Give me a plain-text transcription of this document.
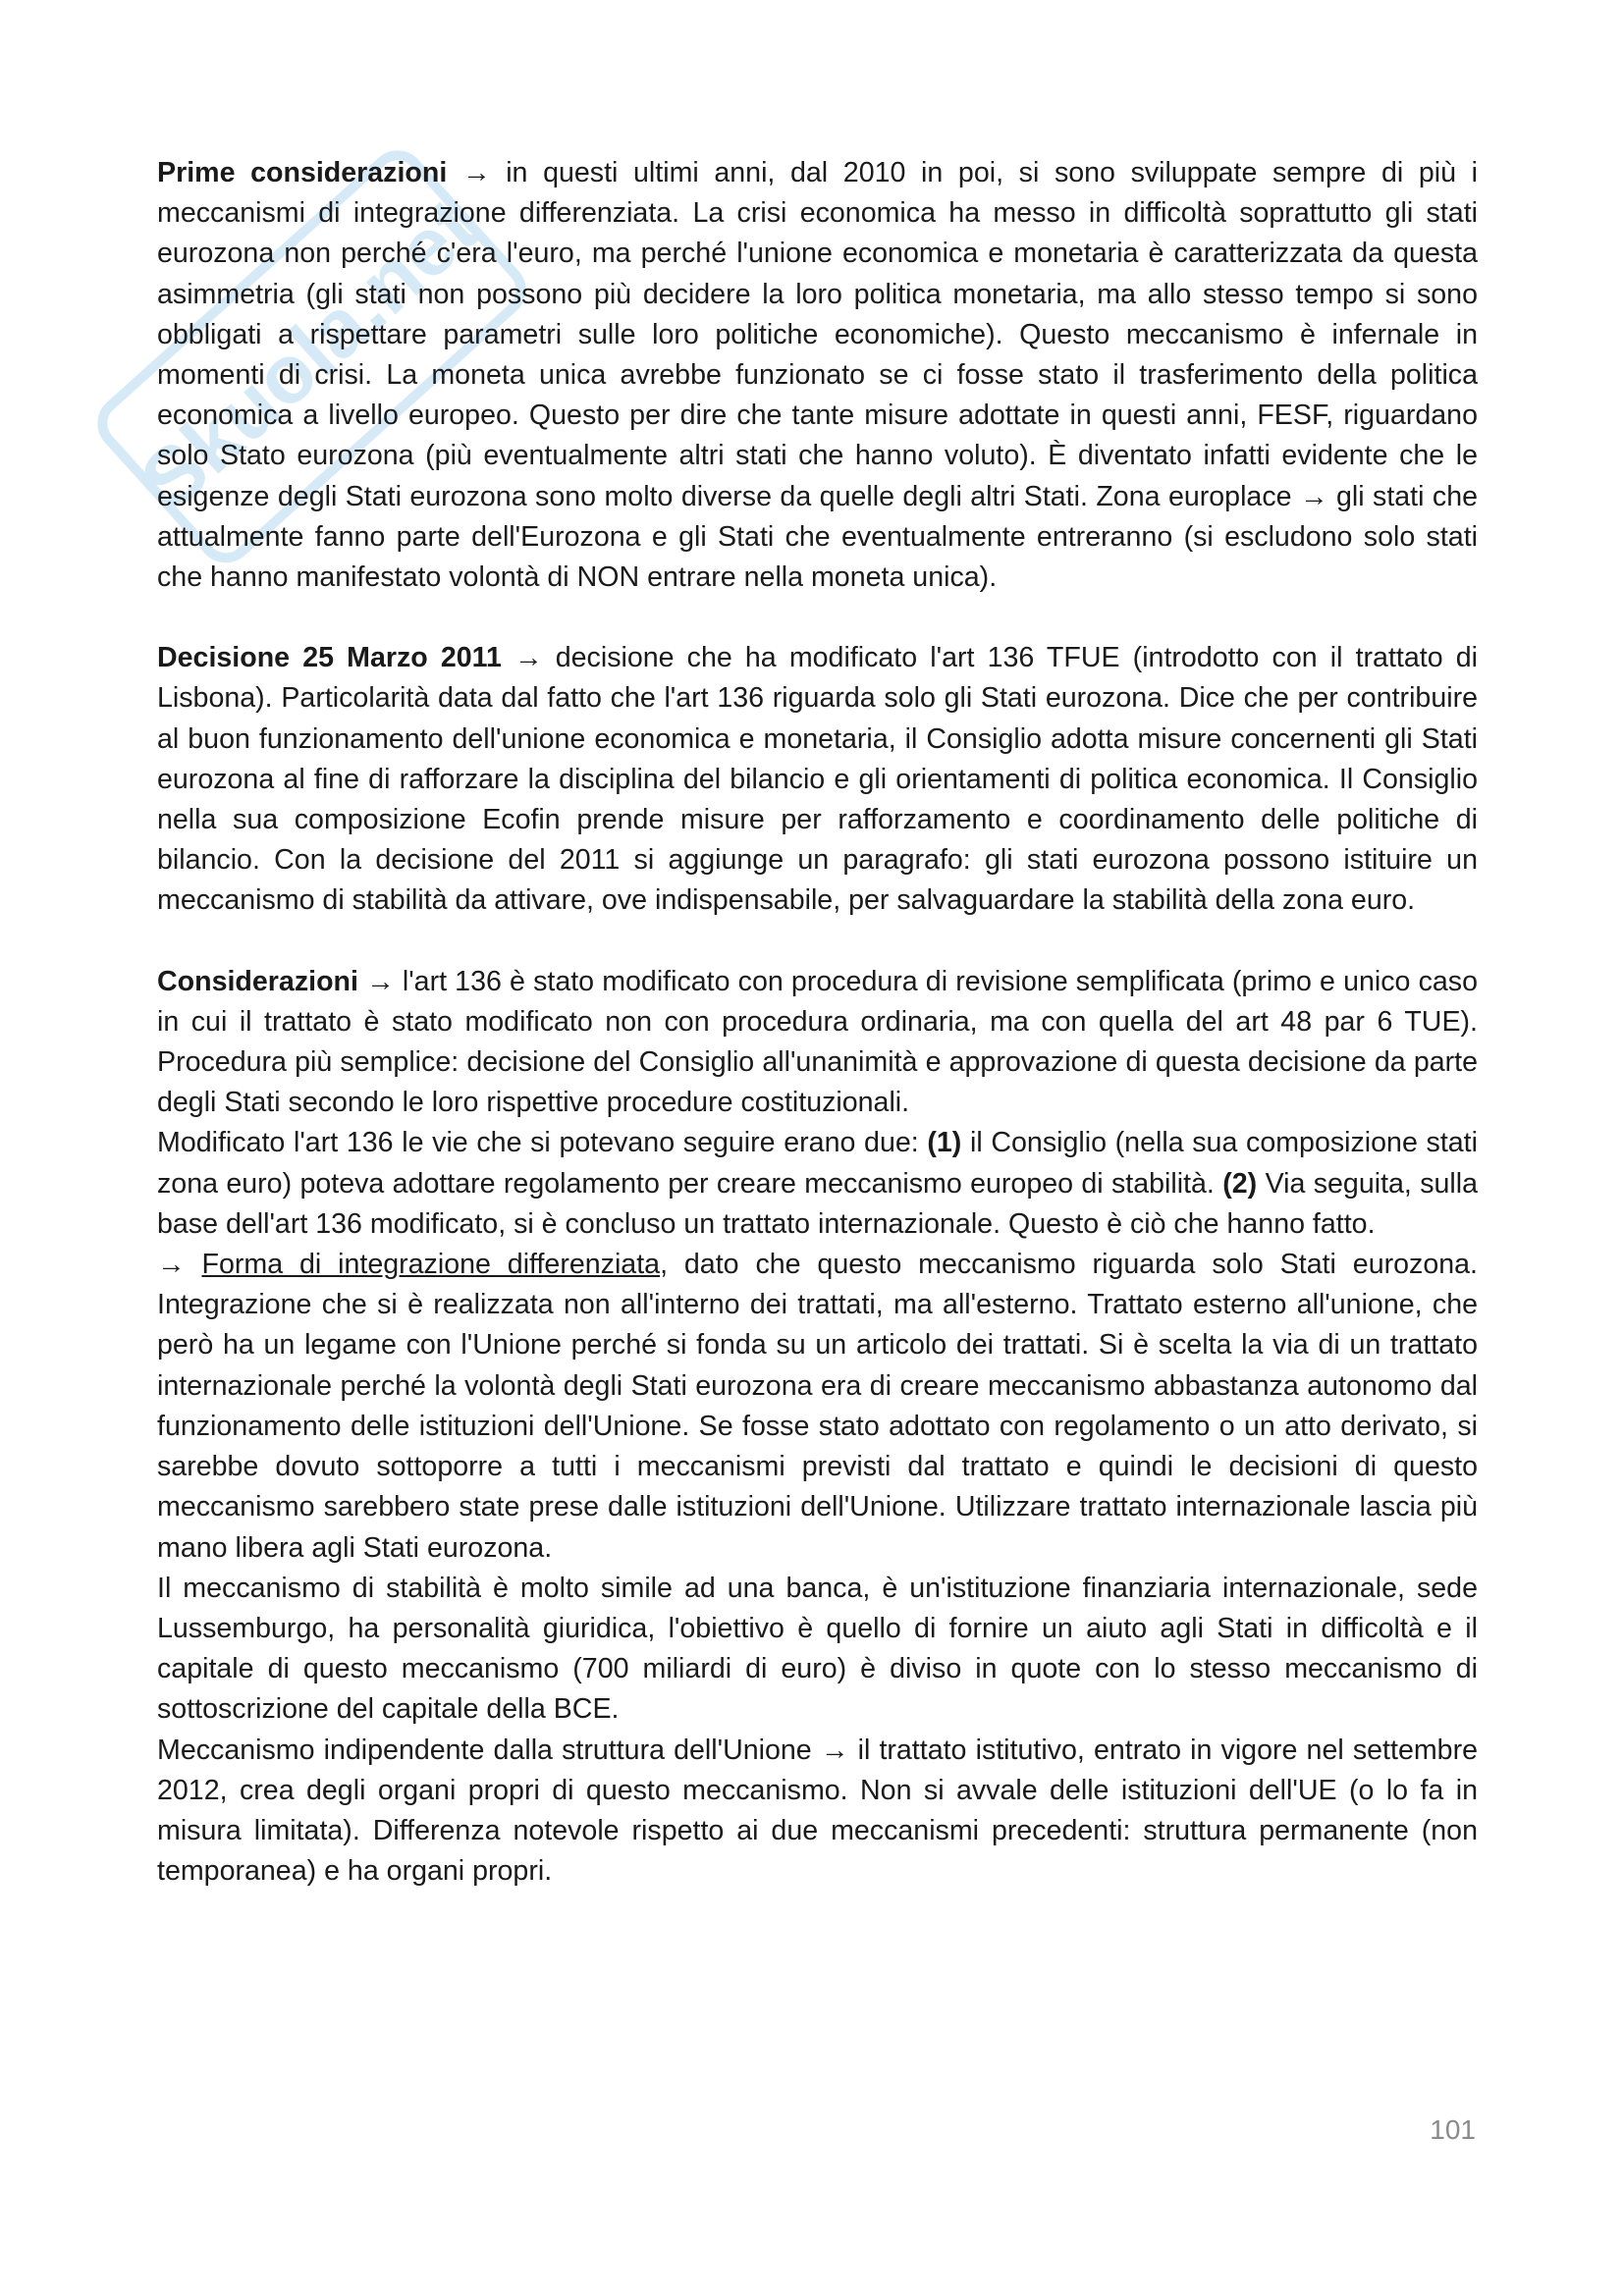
Skuola.net

Prime considerazioni → in questi ultimi anni, dal 2010 in poi, si sono sviluppate sempre di più i meccanismi di integrazione differenziata. La crisi economica ha messo in difficoltà soprattutto gli stati eurozona non perché c'era l'euro, ma perché l'unione economica e monetaria è caratterizzata da questa asimmetria (gli stati non possono più decidere la loro politica monetaria, ma allo stesso tempo si sono obbligati a rispettare parametri sulle loro politiche economiche). Questo meccanismo è infernale in momenti di crisi. La moneta unica avrebbe funzionato se ci fosse stato il trasferimento della politica economica a livello europeo. Questo per dire che tante misure adottate in questi anni, FESF, riguardano solo Stato eurozona (più eventualmente altri stati che hanno voluto). È diventato infatti evidente che le esigenze degli Stati eurozona sono molto diverse da quelle degli altri Stati. Zona europlace → gli stati che attualmente fanno parte dell'Eurozona e gli Stati che eventualmente entreranno (si escludono solo stati che hanno manifestato volontà di NON entrare nella moneta unica).

Decisione 25 Marzo 2011 → decisione che ha modificato l'art 136 TFUE (introdotto con il trattato di Lisbona). Particolarità data dal fatto che l'art 136 riguarda solo gli Stati eurozona. Dice che per contribuire al buon funzionamento dell'unione economica e monetaria, il Consiglio adotta misure concernenti gli Stati eurozona al fine di rafforzare la disciplina del bilancio e gli orientamenti di politica economica. Il Consiglio nella sua composizione Ecofin prende misure per rafforzamento e coordinamento delle politiche di bilancio. Con la decisione del 2011 si aggiunge un paragrafo: gli stati eurozona possono istituire un meccanismo di stabilità da attivare, ove indispensabile, per salvaguardare la stabilità della zona euro.

Considerazioni → l'art 136 è stato modificato con procedura di revisione semplificata (primo e unico caso in cui il trattato è stato modificato non con procedura ordinaria, ma con quella del art 48 par 6 TUE). Procedura più semplice: decisione del Consiglio all'unanimità e approvazione di questa decisione da parte degli Stati secondo le loro rispettive procedure costituzionali.

Modificato l'art 136 le vie che si potevano seguire erano due: (1) il Consiglio (nella sua composizione stati zona euro) poteva adottare regolamento per creare meccanismo europeo di stabilità. (2) Via seguita, sulla base dell'art 136 modificato, si è concluso un trattato internazionale. Questo è ciò che hanno fatto.

→ Forma di integrazione differenziata, dato che questo meccanismo riguarda solo Stati eurozona. Integrazione che si è realizzata non all'interno dei trattati, ma all'esterno. Trattato esterno all'unione, che però ha un legame con l'Unione perché si fonda su un articolo dei trattati. Si è scelta la via di un trattato internazionale perché la volontà degli Stati eurozona era di creare meccanismo abbastanza autonomo dal funzionamento delle istituzioni dell'Unione. Se fosse stato adottato con regolamento o un atto derivato, si sarebbe dovuto sottoporre a tutti i meccanismi previsti dal trattato e quindi le decisioni di questo meccanismo sarebbero state prese dalle istituzioni dell'Unione. Utilizzare trattato internazionale lascia più mano libera agli Stati eurozona.

Il meccanismo di stabilità è molto simile ad una banca, è un'istituzione finanziaria internazionale, sede Lussemburgo, ha personalità giuridica, l'obiettivo è quello di fornire un aiuto agli Stati in difficoltà e il capitale di questo meccanismo (700 miliardi di euro) è diviso in quote con lo stesso meccanismo di sottoscrizione del capitale della BCE.

Meccanismo indipendente dalla struttura dell'Unione → il trattato istitutivo, entrato in vigore nel settembre 2012, crea degli organi propri di questo meccanismo. Non si avvale delle istituzioni dell'UE (o lo fa in misura limitata). Differenza notevole rispetto ai due meccanismi precedenti: struttura permanente (non temporanea) e ha organi propri.

101
